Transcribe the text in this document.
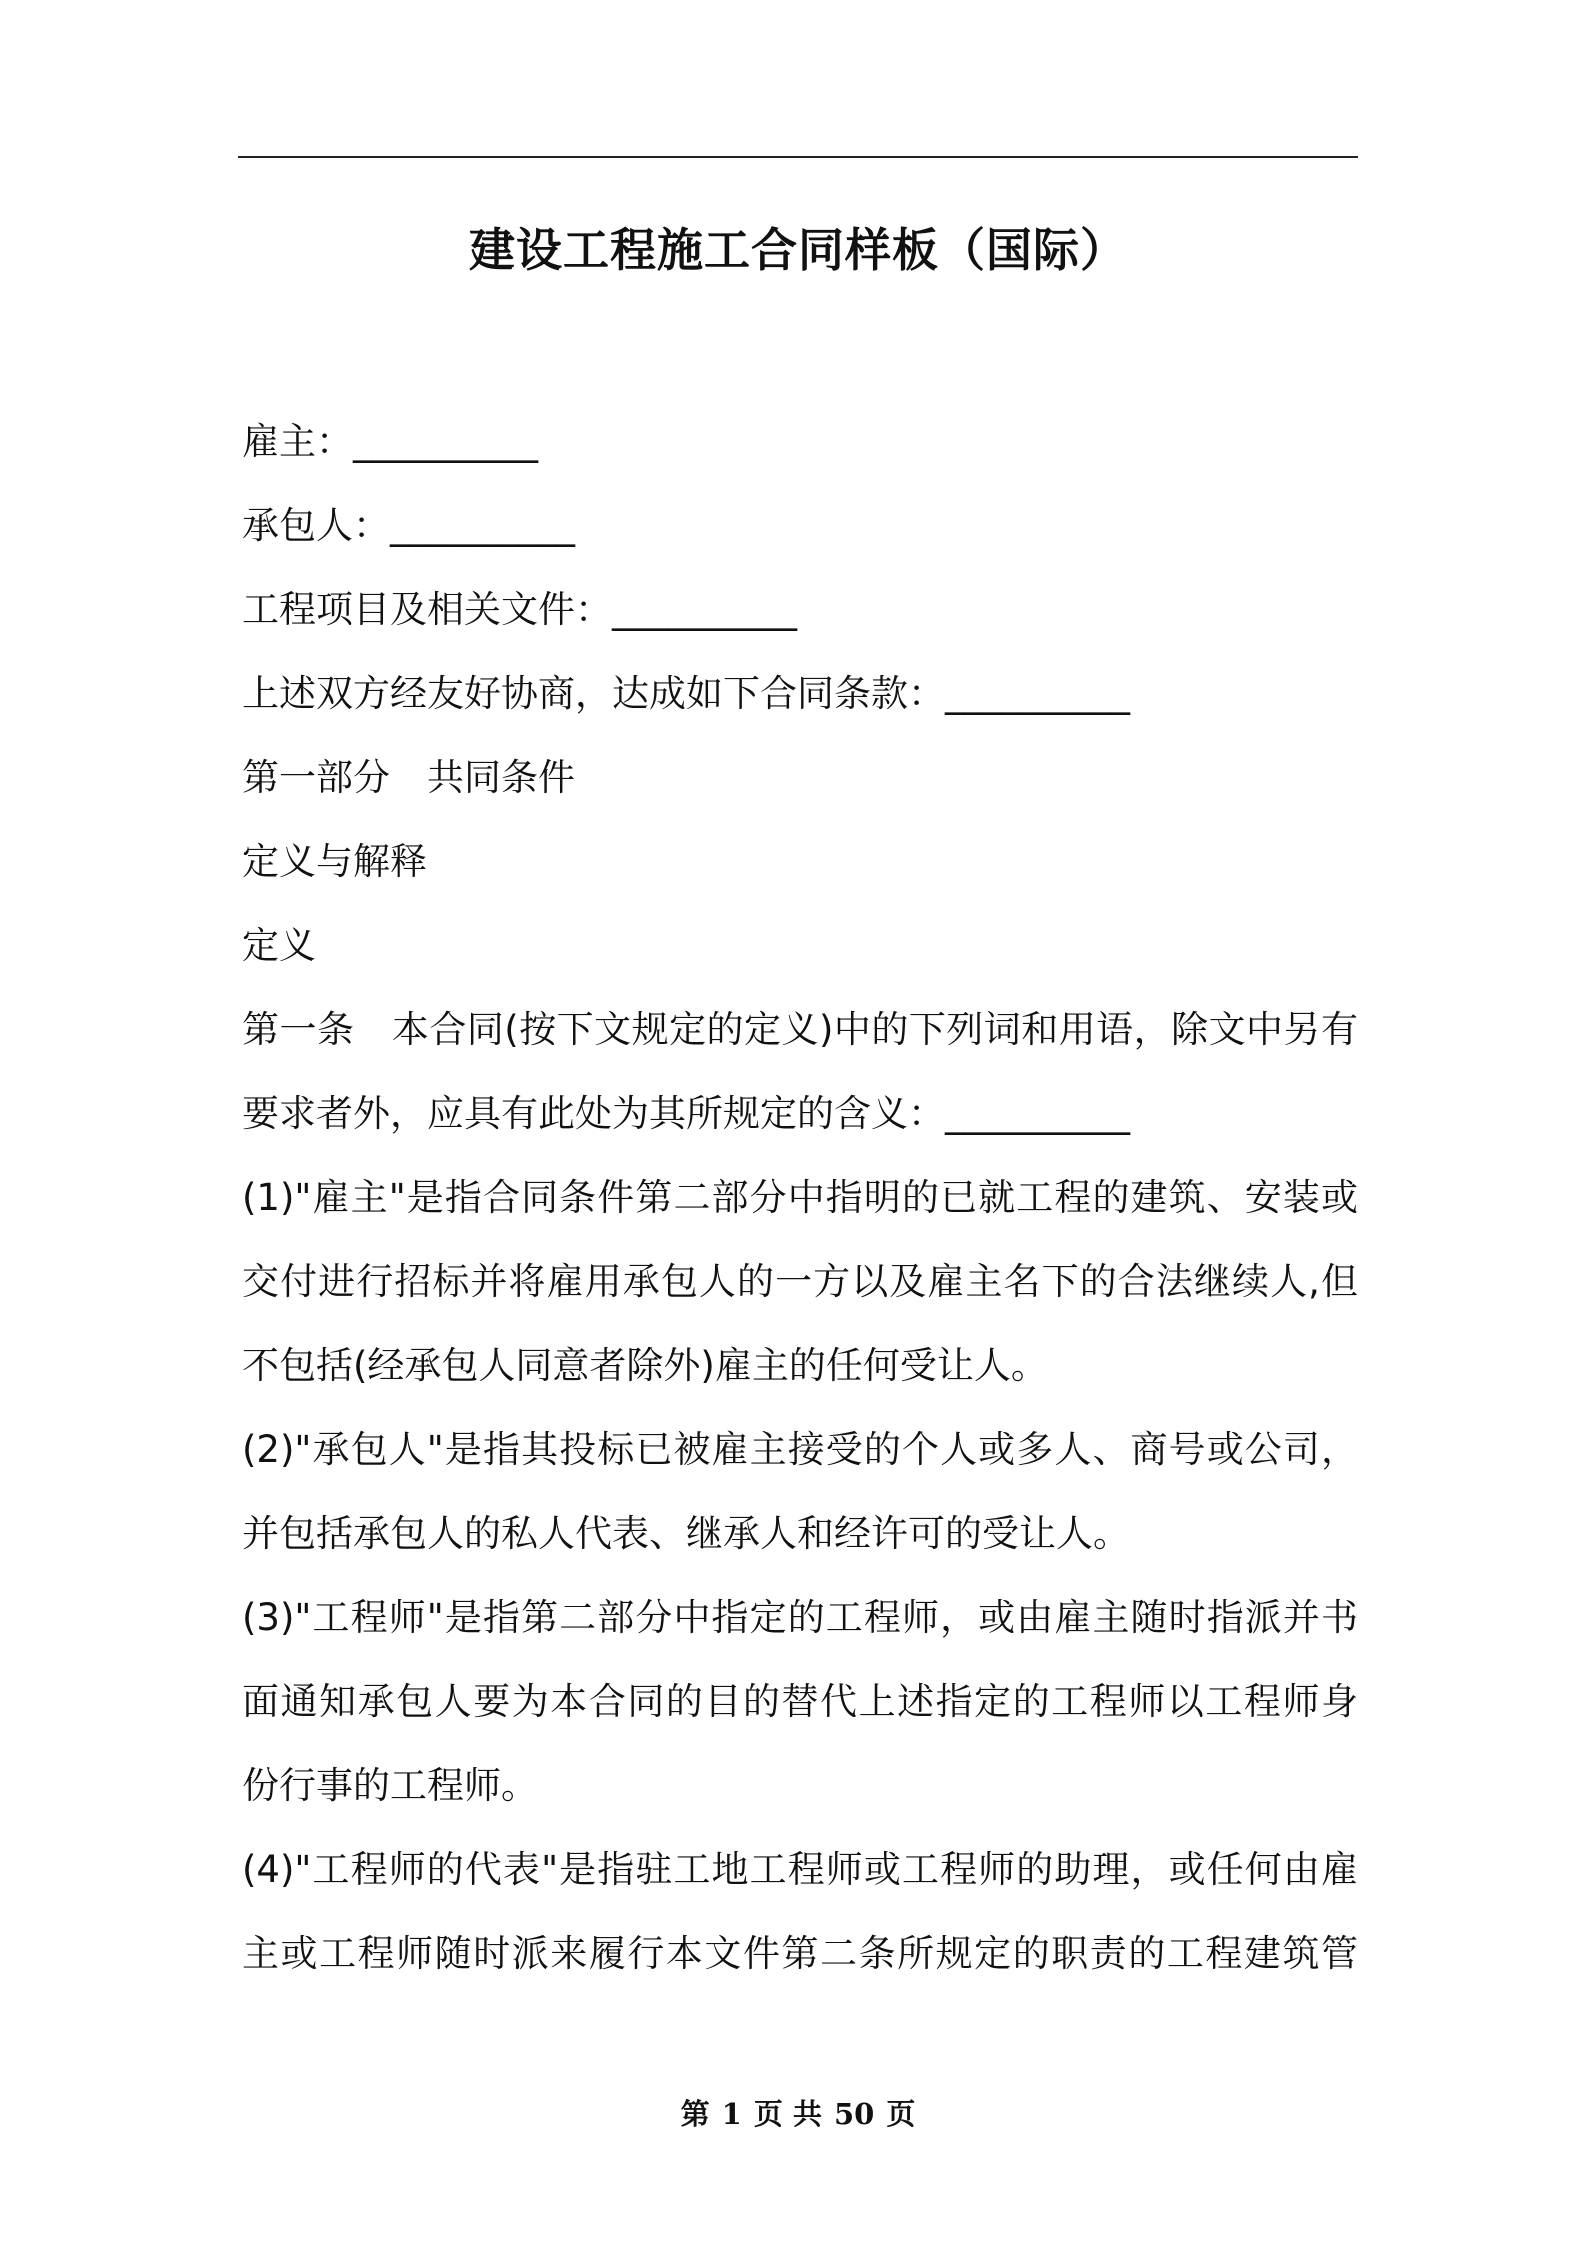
建设工程施工合同样板（国际）
雇主：__________
承包人：__________
工程项目及相关文件：__________
上述双方经友好协商，达成如下合同条款：__________
第一部分　共同条件
定义与解释
定义
第一条　本合同(按下文规定的定义)中的下列词和用语，除文中另有
要求者外，应具有此处为其所规定的含义：__________
(1)"雇主"是指合同条件第二部分中指明的已就工程的建筑、安装或
交付进行招标并将雇用承包人的一方以及雇主名下的合法继续人,但
不包括(经承包人同意者除外)雇主的任何受让人。
(2)"承包人"是指其投标已被雇主接受的个人或多人、商号或公司，
并包括承包人的私人代表、继承人和经许可的受让人。
(3)"工程师"是指第二部分中指定的工程师，或由雇主随时指派并书
面通知承包人要为本合同的目的替代上述指定的工程师以工程师身
份行事的工程师。
(4)"工程师的代表"是指驻工地工程师或工程师的助理，或任何由雇
主或工程师随时派来履行本文件第二条所规定的职责的工程建筑管
第 1 页 共 50 页
